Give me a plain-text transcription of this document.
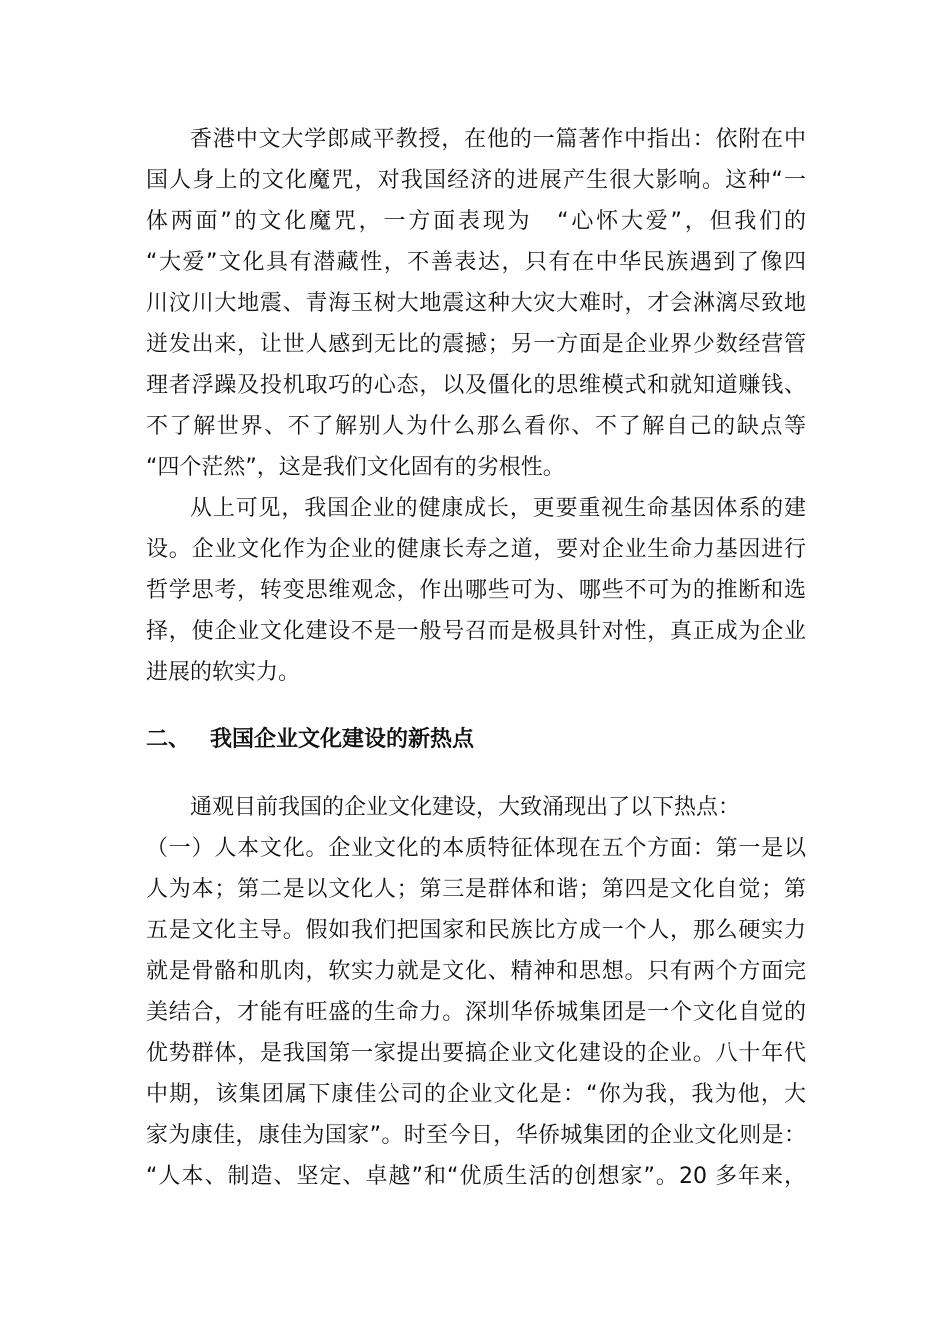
香港中文大学郎咸平教授，在他的一篇著作中指出：依附在中
国人身上的文化魔咒，对我国经济的进展产生很大影响。这种“一
体两面”的文化魔咒，一方面表现为　“心怀大爱”，但我们的
“大爱”文化具有潜藏性，不善表达，只有在中华民族遇到了像四
川汶川大地震、青海玉树大地震这种大灾大难时，才会淋漓尽致地
迸发出来，让世人感到无比的震撼；另一方面是企业界少数经营管
理者浮躁及投机取巧的心态，以及僵化的思维模式和就知道赚钱、
不了解世界、不了解别人为什么那么看你、不了解自己的缺点等
“四个茫然”，这是我们文化固有的劣根性。
从上可见，我国企业的健康成长，更要重视生命基因体系的建
设。企业文化作为企业的健康长寿之道，要对企业生命力基因进行
哲学思考，转变思维观念，作出哪些可为、哪些不可为的推断和选
择，使企业文化建设不是一般号召而是极具针对性，真正成为企业
进展的软实力。
二、 我国企业文化建设的新热点
通观目前我国的企业文化建设，大致涌现出了以下热点：
（一）人本文化。企业文化的本质特征体现在五个方面：第一是以
人为本；第二是以文化人；第三是群体和谐；第四是文化自觉；第
五是文化主导。假如我们把国家和民族比方成一个人，那么硬实力
就是骨骼和肌肉，软实力就是文化、精神和思想。只有两个方面完
美结合，才能有旺盛的生命力。深圳华侨城集团是一个文化自觉的
优势群体，是我国第一家提出要搞企业文化建设的企业。八十年代
中期，该集团属下康佳公司的企业文化是：“你为我，我为他，大
家为康佳，康佳为国家”。时至今日，华侨城集团的企业文化则是：
“人本、制造、坚定、卓越”和“优质生活的创想家”。20 多年来，
